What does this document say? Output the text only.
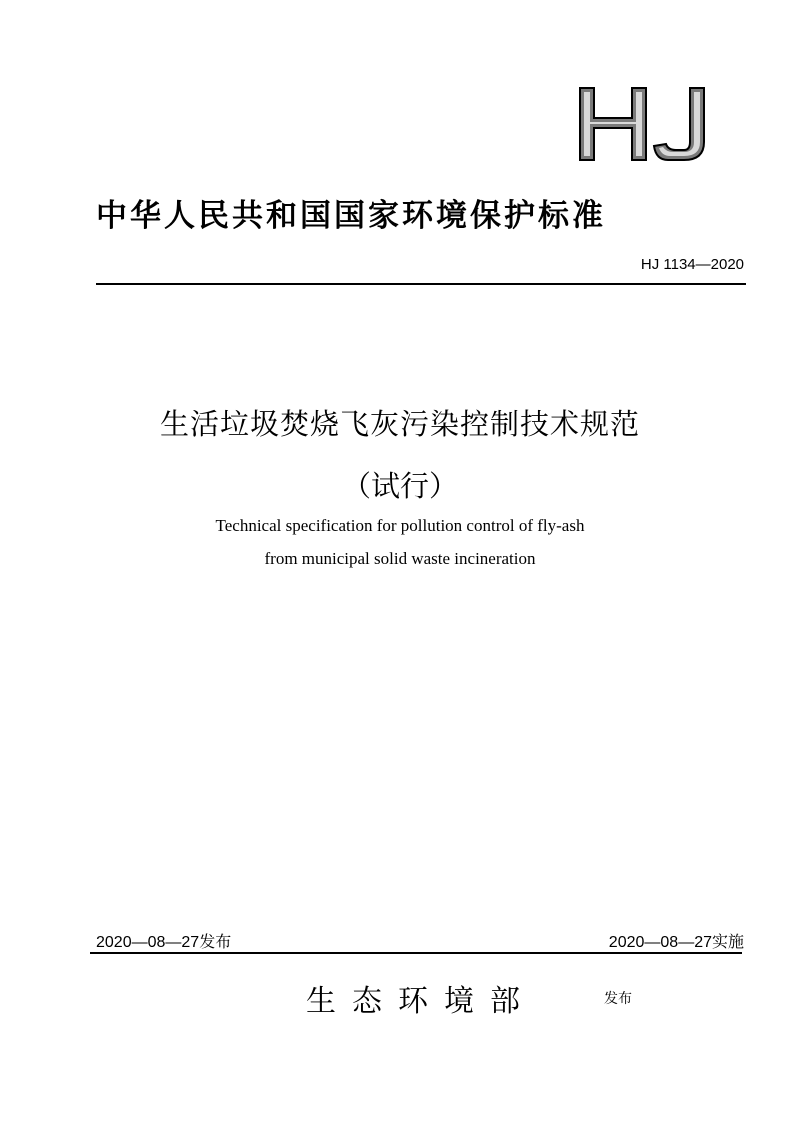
中华人民共和国国家环境保护标准
HJ 1134—2020
生活垃圾焚烧飞灰污染控制技术规范
（试行）
Technical specification for pollution control of fly-ash
from municipal solid waste incineration
2020—08—27发布	2020—08—27实施
生态环境部	发布
